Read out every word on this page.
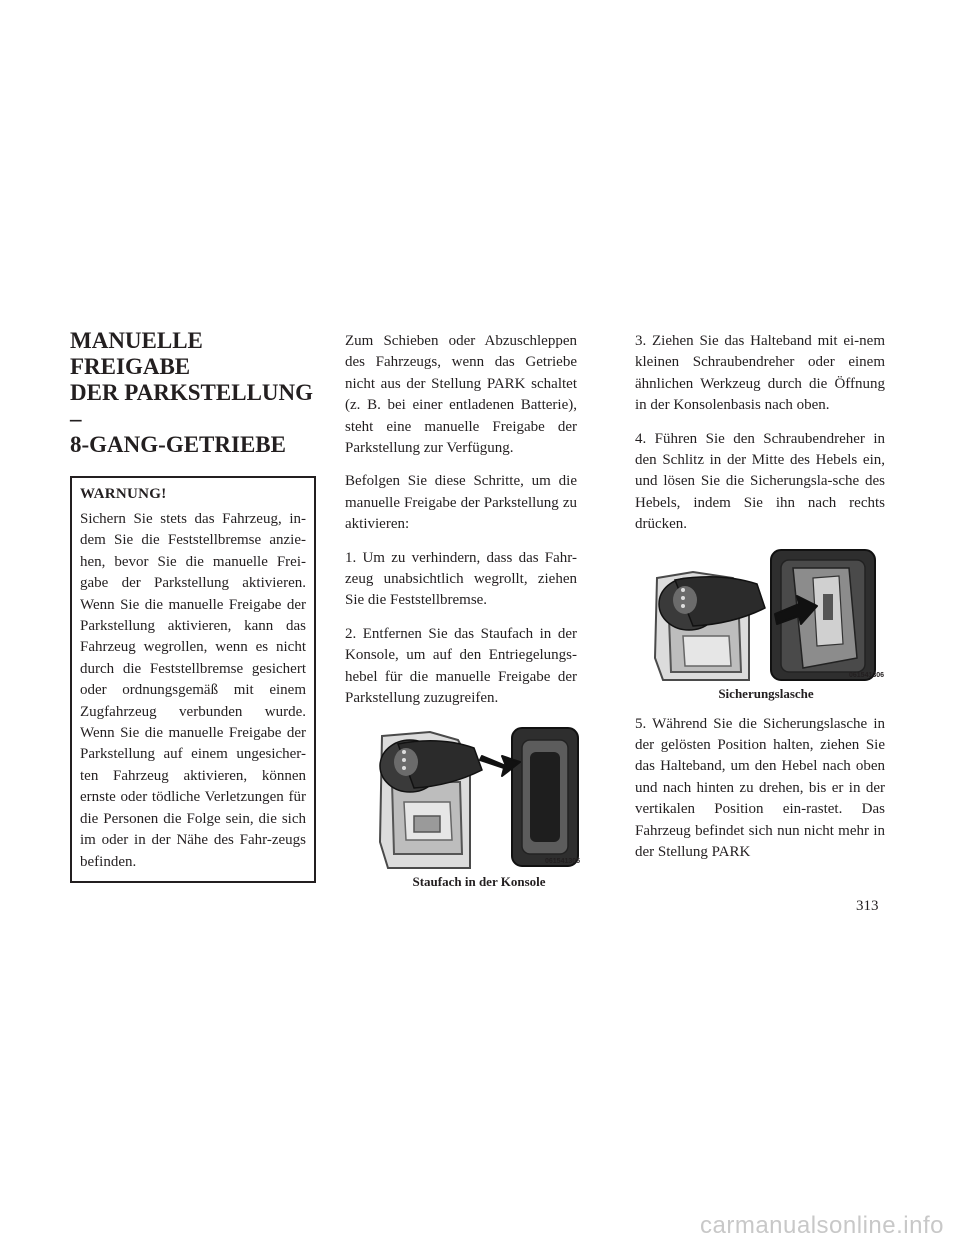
MANUELLE FREIGABE
DER PARKSTELLUNG –
8-GANG-GETRIEBE
WARNUNG!

Sichern Sie stets das Fahrzeug, in-dem Sie die Feststellbremse anzie-hen, bevor Sie die manuelle Frei-gabe der Parkstellung aktivieren. Wenn Sie die manuelle Freigabe der Parkstellung aktivieren, kann das Fahrzeug wegrollen, wenn es nicht durch die Feststellbremse gesichert oder ordnungsgemäß mit einem Zugfahrzeug verbunden wurde. Wenn Sie die manuelle Freigabe der Parkstellung auf einem ungesicher-ten Fahrzeug aktivieren, können ernste oder tödliche Verletzungen für die Personen die Folge sein, die sich im oder in der Nähe des Fahr-zeugs befinden.

Zum Schieben oder Abzuschleppen des Fahrzeugs, wenn das Getriebe nicht aus der Stellung PARK schaltet (z. B. bei einer entladenen Batterie), steht eine manuelle Freigabe der Parkstellung zur Verfügung.

Befolgen Sie diese Schritte, um die manuelle Freigabe der Parkstellung zu aktivieren:

1. Um zu verhindern, dass das Fahr-zeug unabsichtlich wegrollt, ziehen Sie die Feststellbremse.

2. Entfernen Sie das Staufach in der Konsole, um auf den Entriegelungs-hebel für die manuelle Freigabe der Parkstellung zuzugreifen.

061541305
Staufach in der Konsole

3. Ziehen Sie das Halteband mit ei-nem kleinen Schraubendreher oder einem ähnlichen Werkzeug durch die Öffnung in der Konsolenbasis nach oben.

4. Führen Sie den Schraubendreher in den Schlitz in der Mitte des Hebels ein, und lösen Sie die Sicherungsla-sche des Hebels, indem Sie ihn nach rechts drücken.

061541306
Sicherungslasche

5. Während Sie die Sicherungslasche in der gelösten Position halten, ziehen Sie das Halteband, um den Hebel nach oben und nach hinten zu drehen, bis er in der vertikalen Position ein-rastet. Das Fahrzeug befindet sich nun nicht mehr in der Stellung PARK

313
carmanualsonline.info
